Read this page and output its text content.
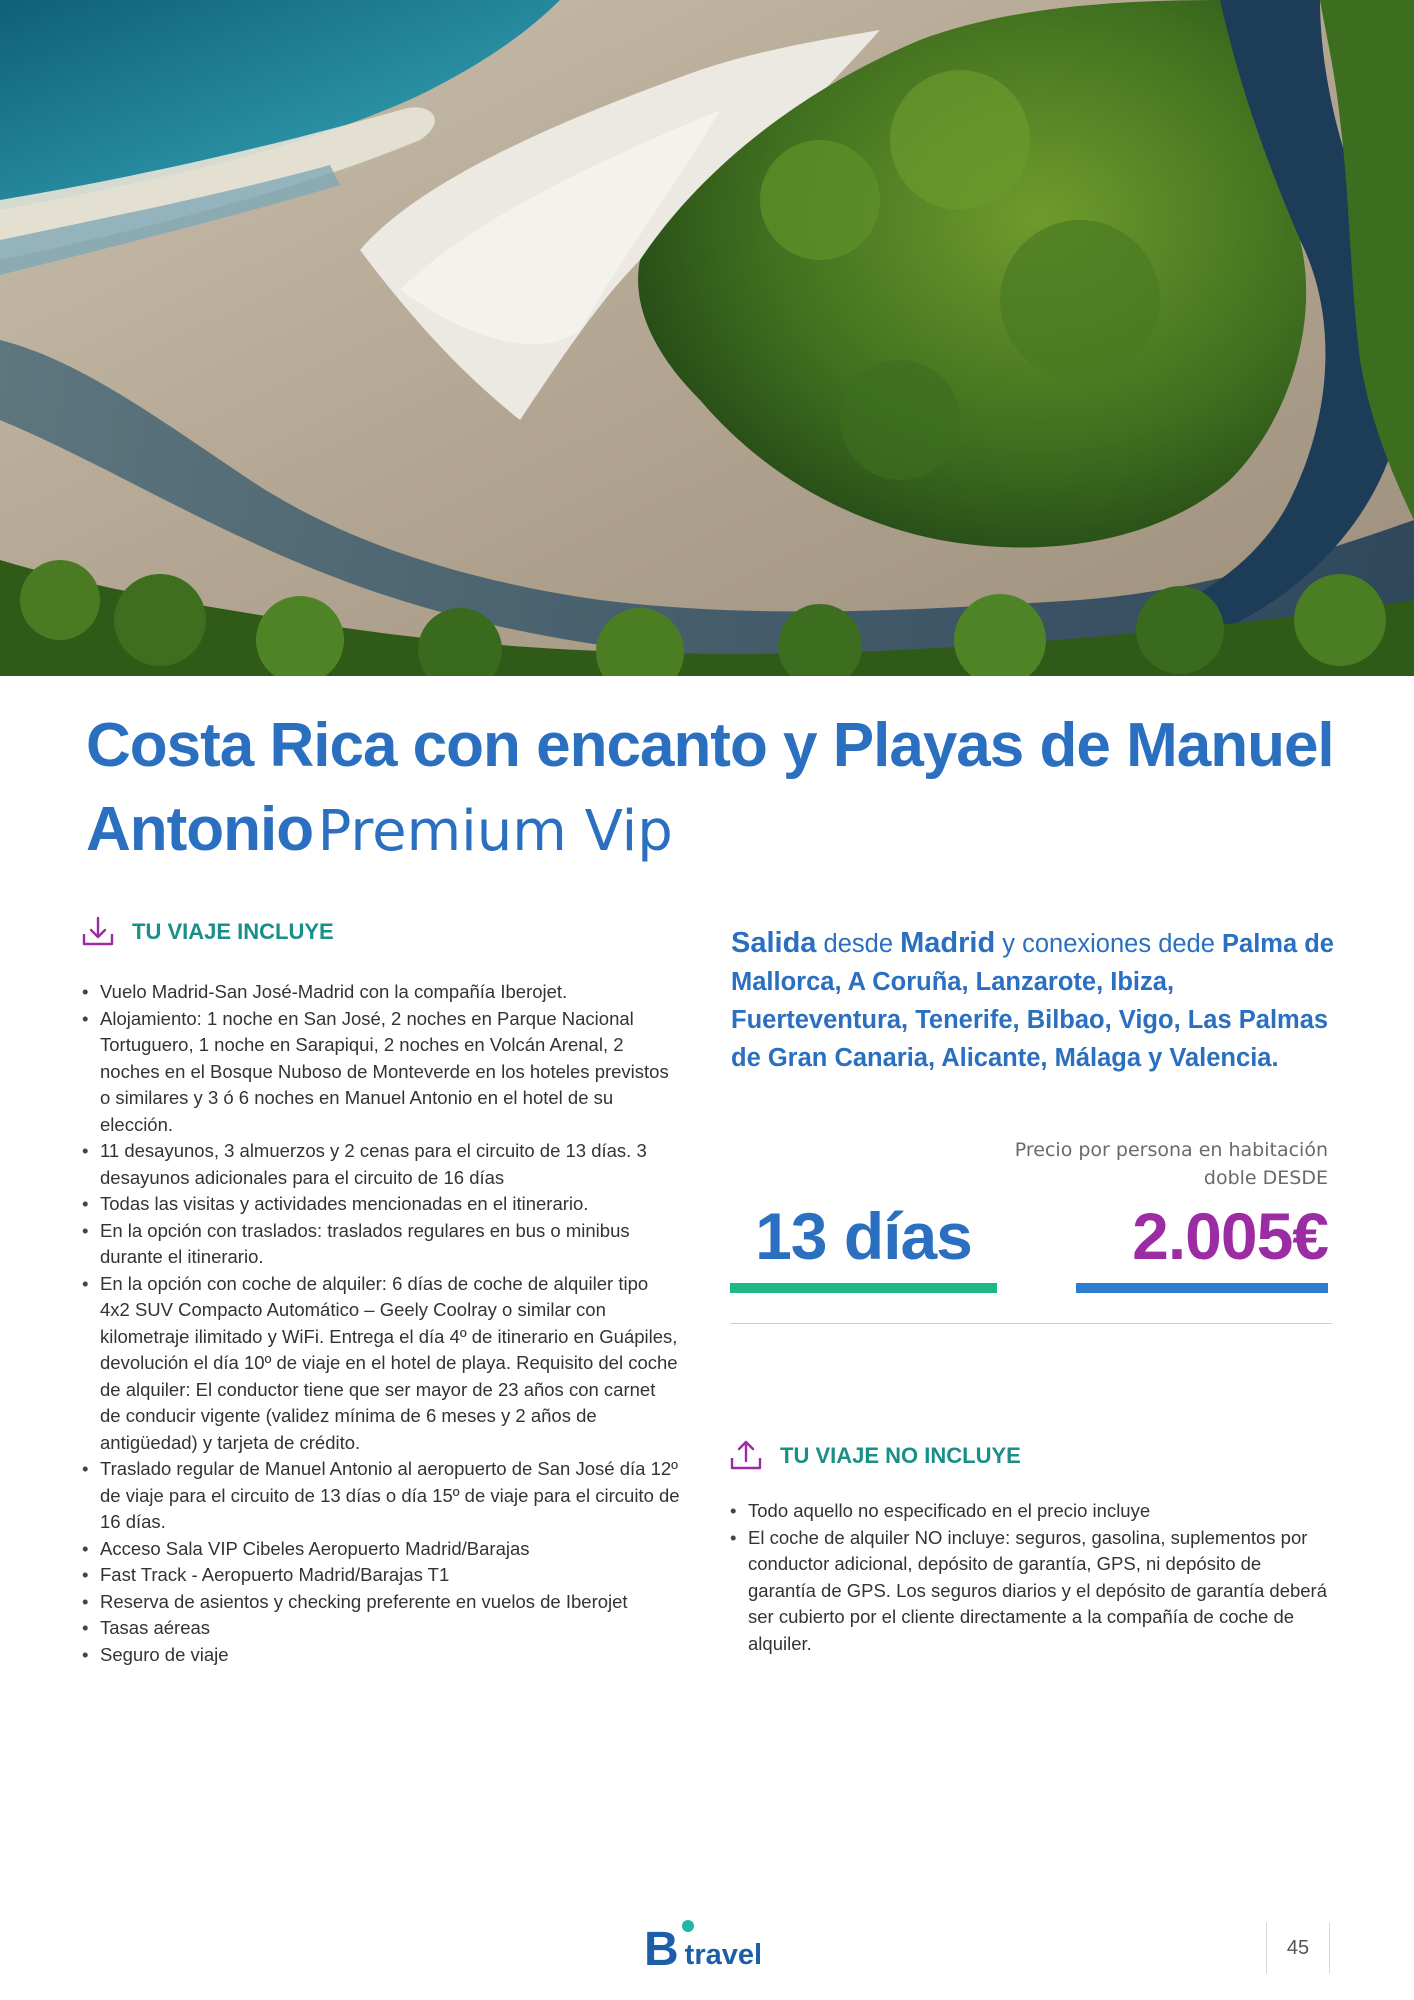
Costa Rica con encanto y Playas de Manuel Antonio Premium Vip
TU VIAJE INCLUYE
• Vuelo Madrid-San José-Madrid con la compañía Iberojet.
• Alojamiento: 1 noche en San José, 2 noches en Parque Nacional Tortuguero, 1 noche en Sarapiqui, 2 noches en Volcán Arenal, 2 noches en el Bosque Nuboso de Monteverde en los hoteles previstos o similares y 3 ó 6 noches en Manuel Antonio en el hotel de su elección.
• 11 desayunos, 3 almuerzos y 2 cenas para el circuito de 13 días. 3 desayunos adicionales para el circuito de 16 días
• Todas las visitas y actividades mencionadas en el itinerario.
• En la opción con traslados: traslados regulares en bus o minibus durante el itinerario.
• En la opción con coche de alquiler: 6 días de coche de alquiler tipo 4x2 SUV Compacto Automático – Geely Coolray o similar con kilometraje ilimitado y WiFi. Entrega el día 4º de itinerario en Guápiles, devolución el día 10º de viaje en el hotel de playa. Requisito del coche de alquiler: El conductor tiene que ser mayor de 23 años con carnet de conducir vigente (validez mínima de 6 meses y 2 años de antigüedad) y tarjeta de crédito.
• Traslado regular de Manuel Antonio al aeropuerto de San José día 12º de viaje para el circuito de 13 días o día 15º de viaje para el circuito de 16 días.
• Acceso Sala VIP Cibeles Aeropuerto Madrid/Barajas
• Fast Track - Aeropuerto Madrid/Barajas T1
• Reserva de asientos y checking preferente en vuelos de Iberojet
• Tasas aéreas
• Seguro de viaje
Salida desde Madrid y conexiones dede Palma de Mallorca, A Coruña, Lanzarote, Ibiza, Fuerteventura, Tenerife, Bilbao, Vigo, Las Palmas de Gran Canaria, Alicante, Málaga y Valencia.
Precio por persona en habitación doble DESDE
13 días	2.005€
TU VIAJE NO INCLUYE
• Todo aquello no especificado en el precio incluye
• El coche de alquiler NO incluye: seguros, gasolina, suplementos por conductor adicional, depósito de garantía, GPS, ni depósito de garantía de GPS. Los seguros diarios y el depósito de garantía deberá ser cubierto por el cliente directamente a la compañía de coche de alquiler.
B travel	45
